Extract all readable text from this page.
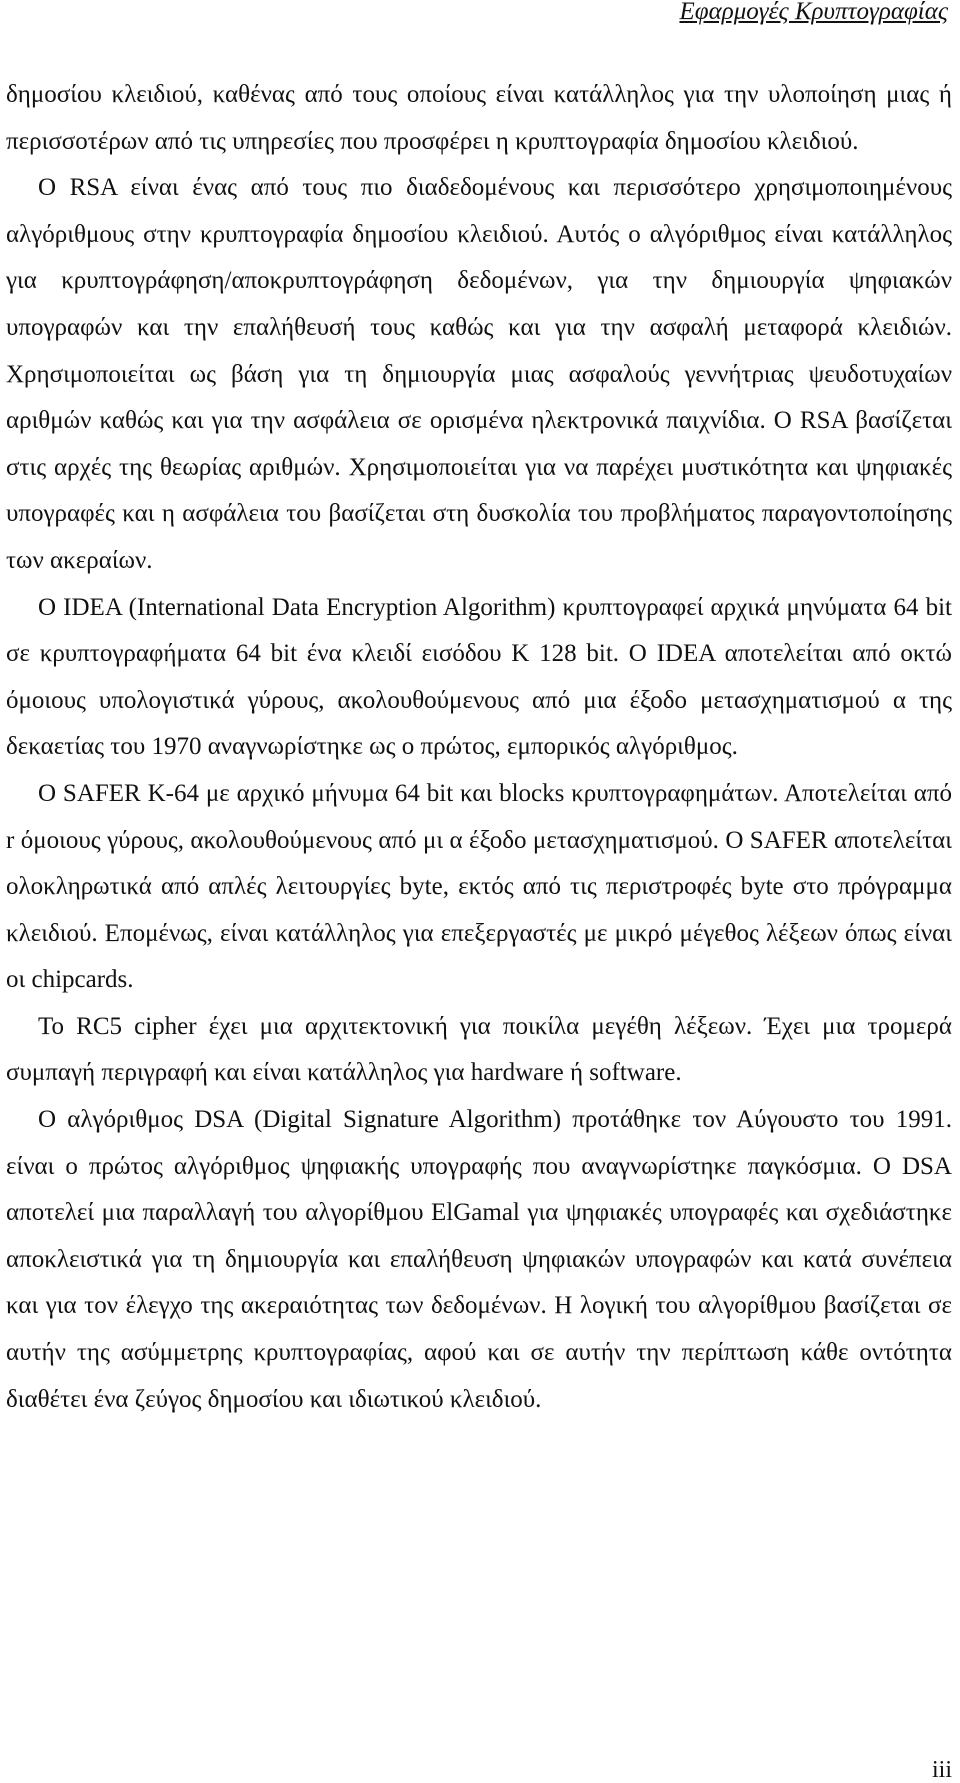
Εφαρμογές Κρυπτογραφίας

δημοσίου κλειδιού, καθένας από τους οποίους είναι κατάλληλος για την υλοποίηση μιας ή περισσοτέρων από τις υπηρεσίες που προσφέρει η κρυπτογραφία δημοσίου κλειδιού.

Ο RSA είναι ένας από τους πιο διαδεδομένους και περισσότερο χρησιμοποιημένους αλγόριθμους στην κρυπτογραφία δημοσίου κλειδιού. Αυτός ο αλγόριθμος είναι κατάλληλος για κρυπτογράφηση/αποκρυπτογράφηση δεδομένων, για την δημιουργία ψηφιακών υπογραφών και την επαλήθευσή τους καθώς και για την ασφαλή μεταφορά κλειδιών. Χρησιμοποιείται ως βάση για τη δημιουργία μιας ασφαλούς γεννήτριας ψευδοτυχαίων αριθμών καθώς και για την ασφάλεια σε ορισμένα ηλεκτρονικά παιχνίδια. Ο RSA βασίζεται στις αρχές της θεωρίας αριθμών. Χρησιμοποιείται για να παρέχει μυστικότητα και ψηφιακές υπογραφές και η ασφάλεια του βασίζεται στη δυσκολία του προβλήματος παραγοντοποίησης των ακεραίων.

Ο IDEA (International Data Encryption Algorithm) κρυπτογραφεί αρχικά μηνύματα 64 bit σε κρυπτογραφήματα 64 bit ένα κλειδί εισόδου K 128 bit. Ο IDEA αποτελείται από οκτώ όμοιους υπολογιστικά γύρους, ακολουθούμενους από μια έξοδο μετασχηματισμού α της δεκαετίας του 1970 αναγνωρίστηκε ως ο πρώτος, εμπορικός αλγόριθμος.

Ο SAFER K-64 με αρχικό μήνυμα 64 bit και blocks κρυπτογραφημάτων. Αποτελείται από r όμοιους γύρους, ακολουθούμενους από μι α έξοδο μετασχηματισμού. Ο SAFER αποτελείται ολοκληρωτικά από απλές λειτουργίες byte, εκτός από τις περιστροφές byte στο πρόγραμμα κλειδιού. Επομένως, είναι κατάλληλος για επεξεργαστές με μικρό μέγεθος λέξεων όπως είναι οι chipcards.

Το RC5 cipher έχει μια αρχιτεκτονική για ποικίλα μεγέθη λέξεων. Έχει μια τρομερά συμπαγή περιγραφή και είναι κατάλληλος για hardware ή software.

Ο αλγόριθμος DSA (Digital Signature Algorithm) προτάθηκε τον Αύγουστο του 1991. είναι ο πρώτος αλγόριθμος ψηφιακής υπογραφής που αναγνωρίστηκε παγκόσμια. Ο DSA αποτελεί μια παραλλαγή του αλγορίθμου ElGamal για ψηφιακές υπογραφές και σχεδιάστηκε αποκλειστικά για τη δημιουργία και επαλήθευση ψηφιακών υπογραφών και κατά συνέπεια και για τον έλεγχο της ακεραιότητας των δεδομένων. Η λογική του αλγορίθμου βασίζεται σε αυτήν της ασύμμετρης κρυπτογραφίας, αφού και σε αυτήν την περίπτωση κάθε οντότητα διαθέτει ένα ζεύγος δημοσίου και ιδιωτικού κλειδιού.

iii
